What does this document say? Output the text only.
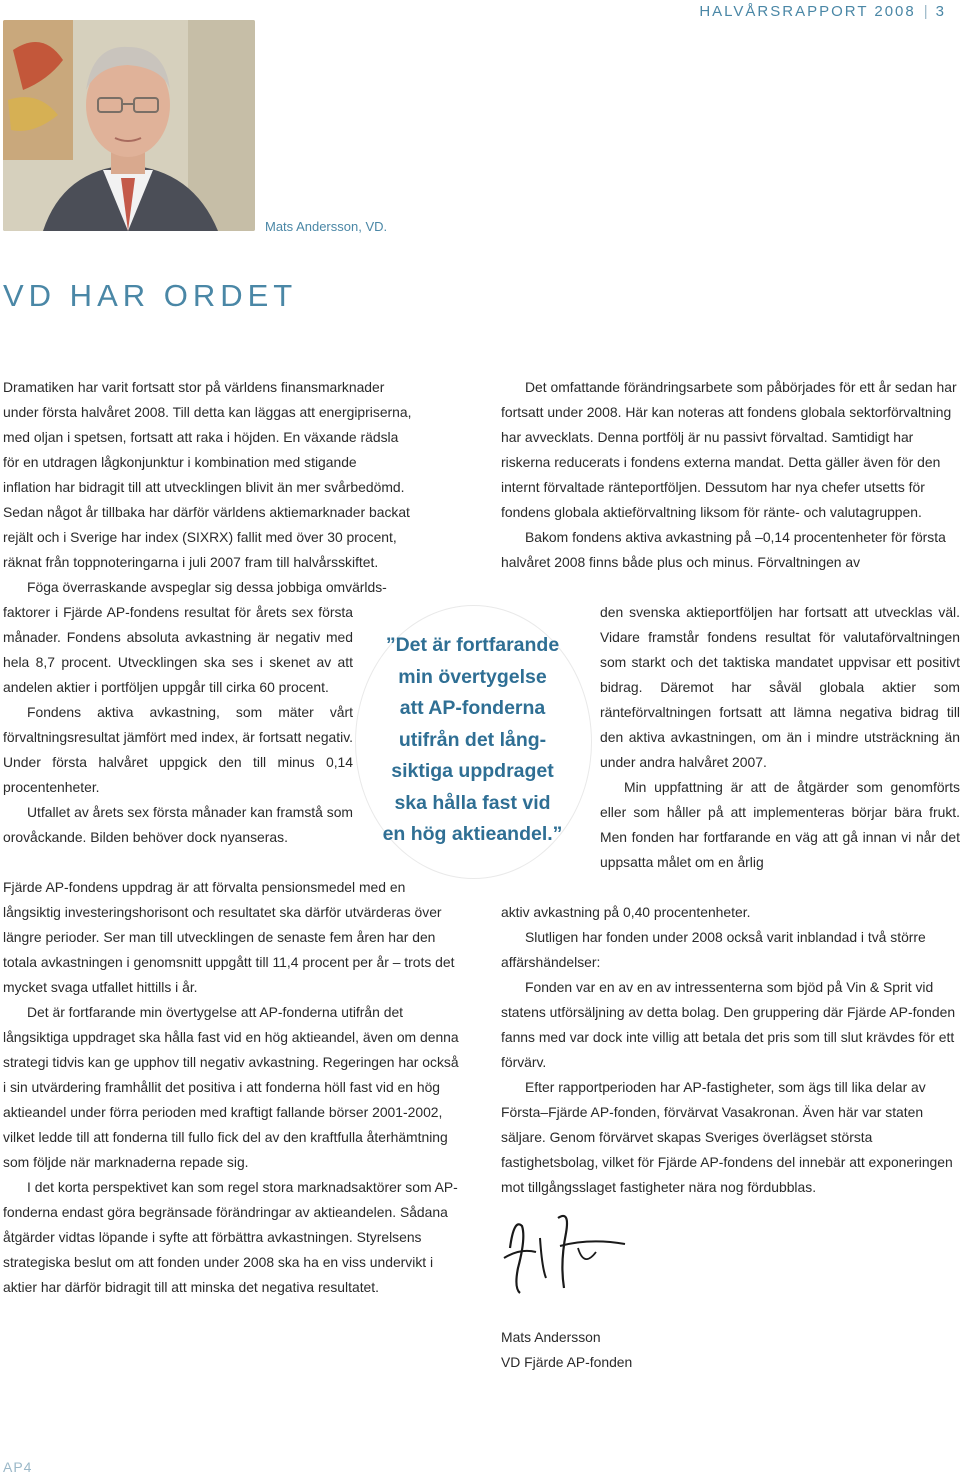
HALVÅRSRAPPORT 2008 | 3
Mats Andersson, VD.
VD HAR ORDET
Dramatiken har varit fortsatt stor på världens finansmarknader
under första halvåret 2008. Till detta kan läggas att energipriserna,
med oljan i spetsen, fortsatt att raka i höjden. En växande rädsla
för en utdragen lågkonjunktur i kombination med stigande
inflation har bidragit till att utvecklingen blivit än mer svårbedömd.
Sedan något år tillbaka har därför världens aktiemarknader backat
rejält och i Sverige har index (SIXRX) fallit med över 30 procent,
räknat från toppnoteringarna i juli 2007 fram till halvårsskiftet.
Föga överraskande avspeglar sig dessa jobbiga omvärlds-

faktorer i Fjärde AP-fondens resultat för årets sex första månader. Fondens absoluta avkastning är negativ med hela 8,7 procent. Utvecklingen ska ses i skenet av att andelen aktier i portföljen uppgår till cirka 60 procent.

Fondens aktiva avkastning, som mäter vårt förvaltningsresultat jämfört med index, är fortsatt negativ. Under första halvåret uppgick den till minus 0,14 procentenheter.

Utfallet av årets sex första månader kan framstå som orovåckande. Bilden behöver dock nyanseras.

Fjärde AP-fondens uppdrag är att förvalta pensionsmedel med en långsiktig investeringshorisont och resultatet ska därför utvärderas över längre perioder. Ser man till utvecklingen de senaste fem åren har den totala avkastningen i genomsnitt uppgått till 11,4 procent per år – trots det mycket svaga utfallet hittills i år.

Det är fortfarande min övertygelse att AP-fonderna utifrån det långsiktiga uppdraget ska hålla fast vid en hög aktieandel, även om denna strategi tidvis kan ge upphov till negativ avkastning. Regeringen har också i sin utvärdering framhållit det positiva i att fonderna höll fast vid en hög aktieandel under förra perioden med kraftigt fallande börser 2001-2002, vilket ledde till att fonderna till fullo fick del av den kraftfulla återhämtning som följde när marknaderna repade sig.

I det korta perspektivet kan som regel stora marknadsaktörer som AP-fonderna endast göra begränsade förändringar av aktieandelen. Sådana åtgärder vidtas löpande i syfte att förbättra avkastningen. Styrelsens strategiska beslut om att fonden under 2008 ska ha en viss undervikt i aktier har därför bidragit till att minska det negativa resultatet.

”Det är fortfarande
min övertygelse
att AP-fonderna
utifrån det lång-
siktiga uppdraget
ska hålla fast vid
en hög aktieandel.”

Det omfattande förändringsarbete som påbörjades för ett år sedan har fortsatt under 2008. Här kan noteras att fondens globala sektorförvaltning har avvecklats. Denna portfölj är nu passivt förvaltad. Samtidigt har riskerna reducerats i fondens externa mandat. Detta gäller även för den internt förvaltade ränteportföljen. Dessutom har nya chefer utsetts för fondens globala aktieförvaltning liksom för ränte- och valutagruppen.

Bakom fondens aktiva avkastning på –0,14 procentenheter för första halvåret 2008 finns både plus och minus. Förvaltningen av

den svenska aktieportföljen har fortsatt att utvecklas väl. Vidare framstår fondens resultat för valutaförvaltningen som starkt och det taktiska mandatet uppvisar ett positivt bidrag. Däremot har såväl globala aktier som ränteförvaltningen fortsatt att lämna negativa bidrag till den aktiva avkastningen, om än i mindre utsträckning än under andra halvåret 2007.

Min uppfattning är att de åtgärder som genomförts eller som håller på att implementeras börjar bära frukt. Men fonden har fortfarande en väg att gå innan vi når det uppsatta målet om en årlig

aktiv avkastning på 0,40 procentenheter.

Slutligen har fonden under 2008 också varit inblandad i två större affärshändelser:

Fonden var en av en av intressenterna som bjöd på Vin & Sprit vid statens utförsäljning av detta bolag. Den gruppering där Fjärde AP-fonden fanns med var dock inte villig att betala det pris som till slut krävdes för ett förvärv.

Efter rapportperioden har AP-fastigheter, som ägs till lika delar av Första–Fjärde AP-fonden, förvärvat Vasakronan. Även här var staten säljare. Genom förvärvet skapas Sveriges överlägset största fastighetsbolag, vilket för Fjärde AP-fondens del innebär att exponeringen mot tillgångsslaget fastigheter nära nog fördubblas.

Mats Andersson
VD Fjärde AP-fonden
AP4
